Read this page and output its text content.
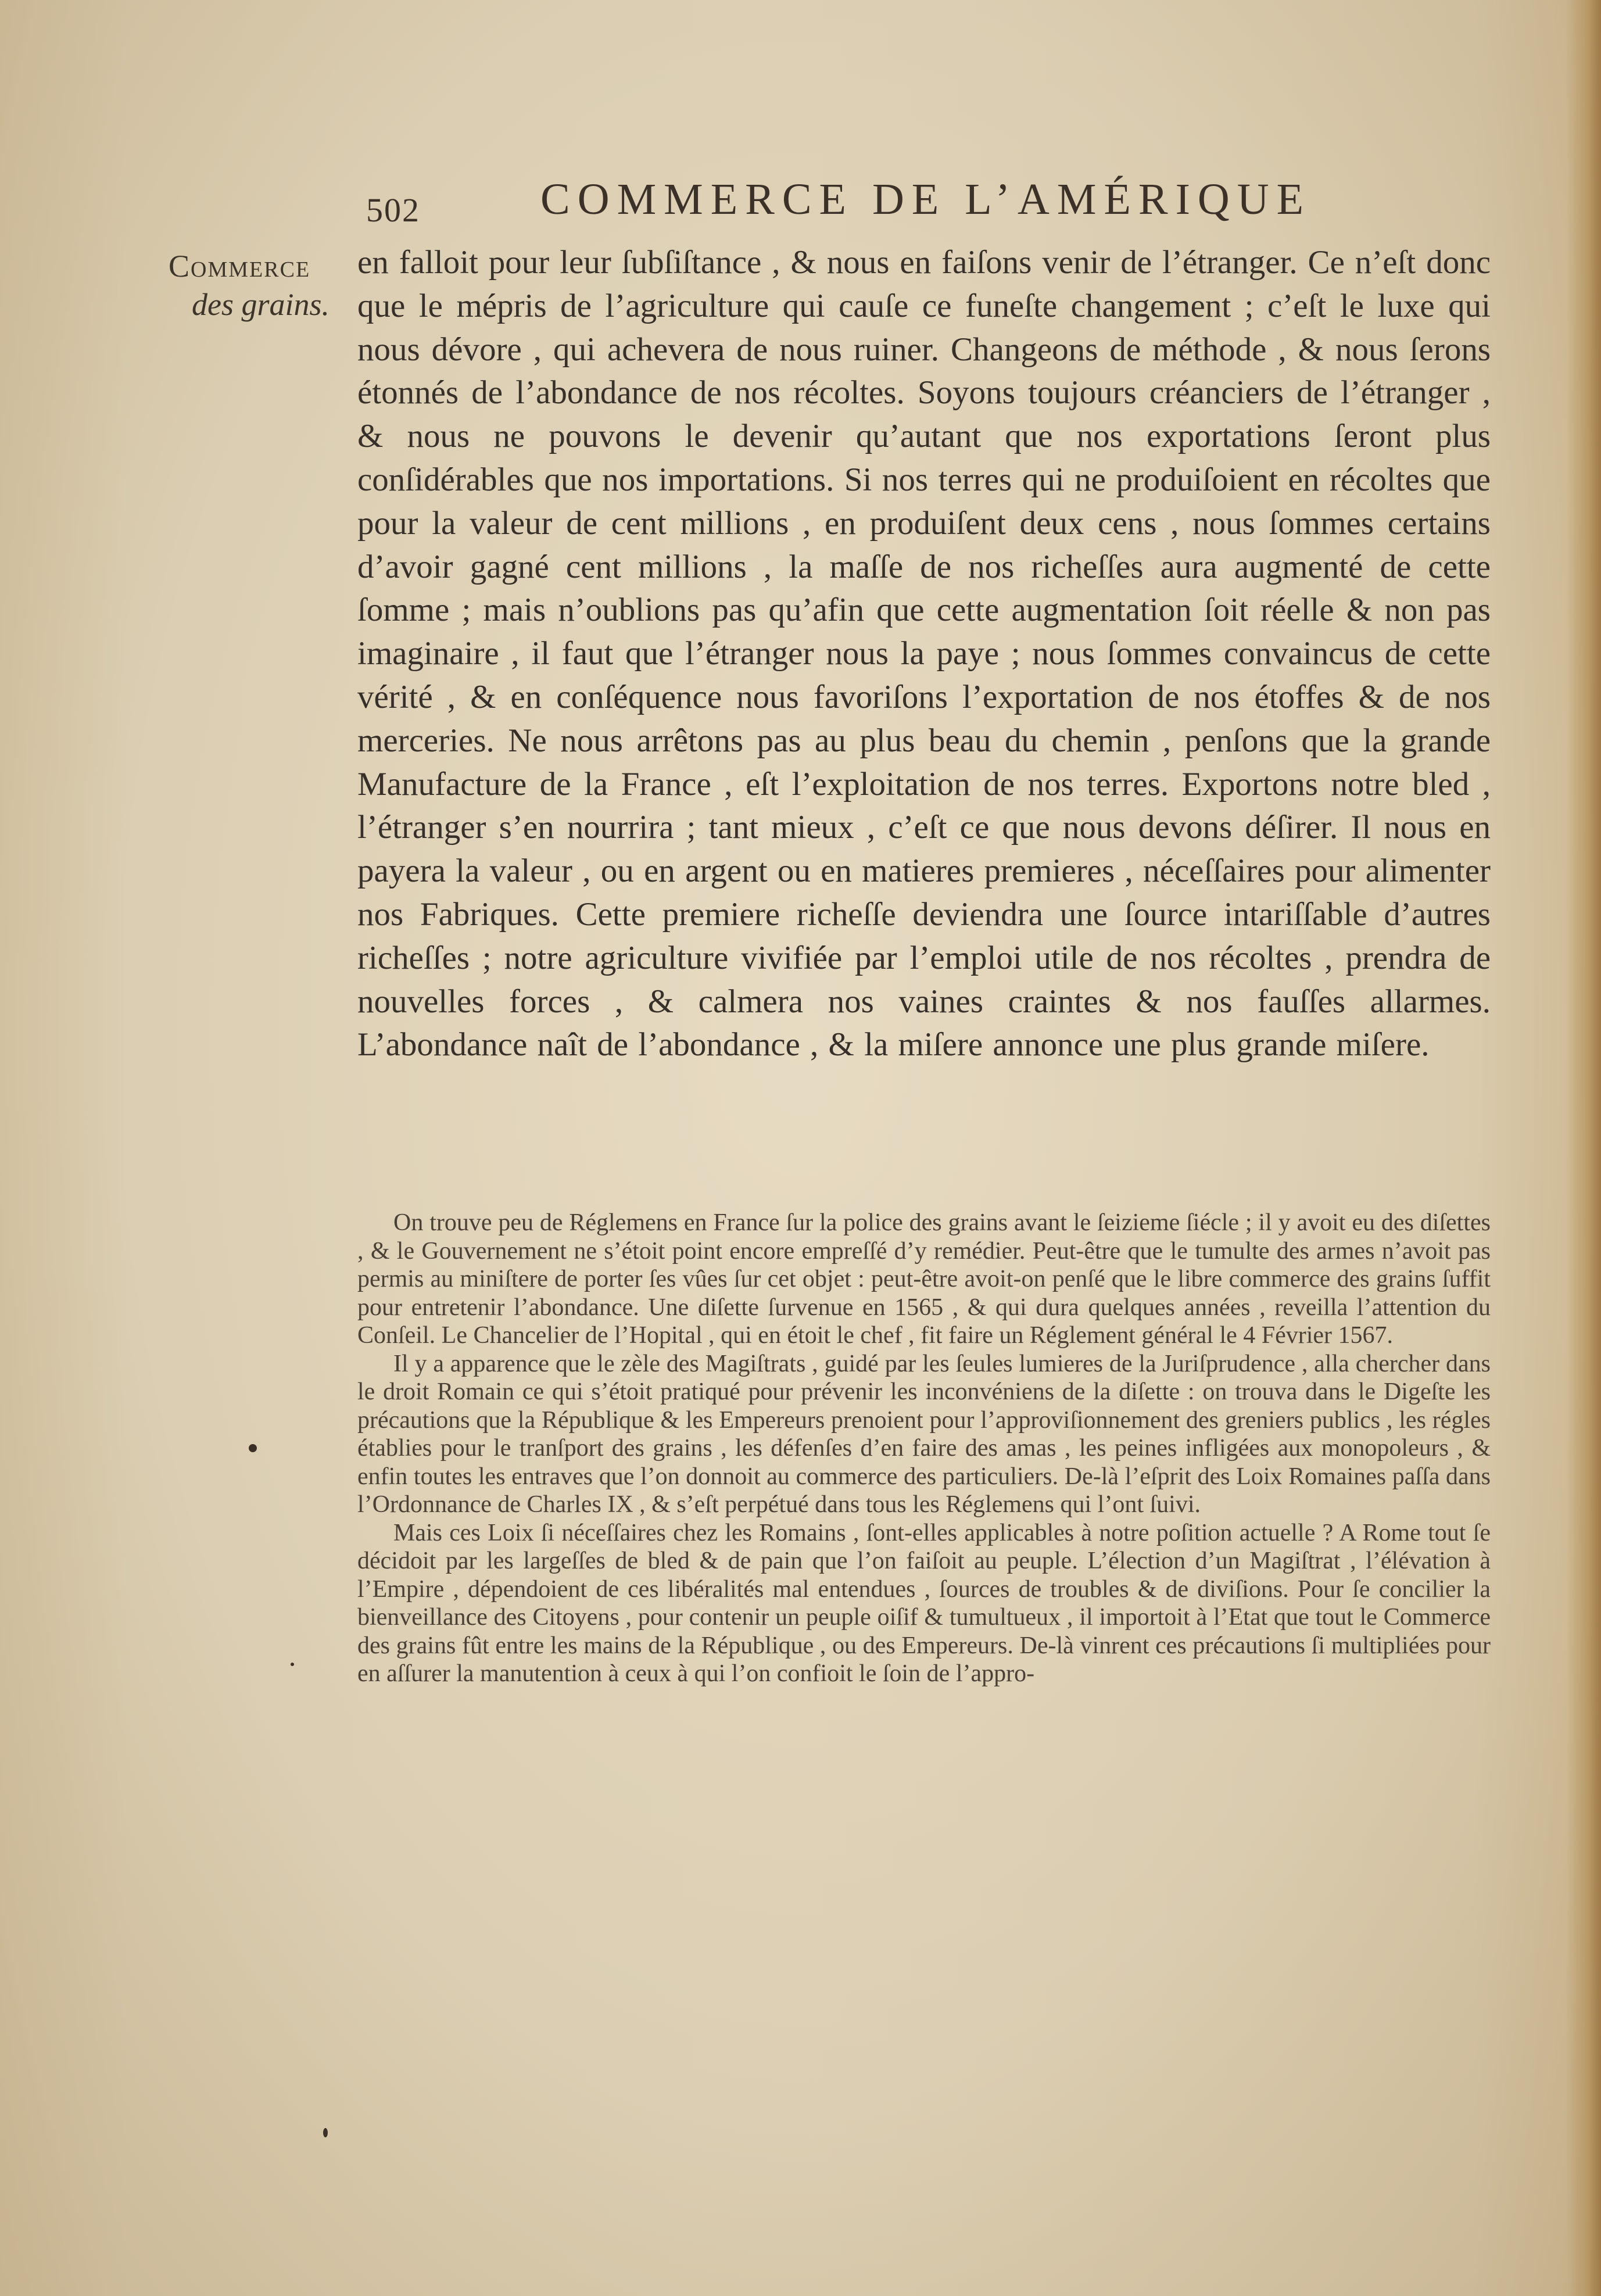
502	COMMERCE DE L’AMÉRIQUE
Commerce
des grains.
en falloit pour leur ſubſiſtance , & nous en faiſons venir de l’étranger. Ce n’eſt donc que le mépris de l’agriculture qui cauſe ce funeſte changement ; c’eſt le luxe qui nous dévore , qui achevera de nous ruiner. Changeons de méthode , & nous ſerons étonnés de l’abondance de nos récoltes. Soyons toujours créanciers de l’étranger , & nous ne pouvons le devenir qu’autant que nos exportations ſeront plus conſidérables que nos importations. Si nos terres qui ne produiſoient en récoltes que pour la valeur de cent millions , en produiſent deux cens , nous ſommes certains d’avoir gagné cent millions , la maſſe de nos richeſſes aura augmenté de cette ſomme ; mais n’oublions pas qu’afin que cette augmentation ſoit réelle & non pas imaginaire , il faut que l’étranger nous la paye ; nous ſommes convaincus de cette vérité , & en conſéquence nous favoriſons l’exportation de nos étoffes & de nos merceries. Ne nous arrêtons pas au plus beau du chemin , penſons que la grande Manufacture de la France , eſt l’exploitation de nos terres. Exportons notre bled , l’étranger s’en nourrira ; tant mieux , c’eſt ce que nous devons déſirer. Il nous en payera la valeur , ou en argent ou en matieres premieres , néceſſaires pour alimenter nos Fabriques. Cette premiere richeſſe deviendra une ſource intariſſable d’autres richeſſes ; notre agriculture vivifiée par l’emploi utile de nos récoltes , prendra de nouvelles forces , & calmera nos vaines craintes & nos fauſſes allarmes. L’abondance naît de l’abondance , & la miſere annonce une plus grande miſere.

On trouve peu de Réglemens en France ſur la police des grains avant le ſeizieme ſiécle ; il y avoit eu des diſettes , & le Gouvernement ne s’étoit point encore empreſſé d’y remédier. Peut-être que le tumulte des armes n’avoit pas permis au miniſtere de porter ſes vûes ſur cet objet : peut-être avoit-on penſé que le libre commerce des grains ſuffit pour entretenir l’abondance. Une diſette ſurvenue en 1565 , & qui dura quelques années , reveilla l’attention du Conſeil. Le Chancelier de l’Hopital , qui en étoit le chef , fit faire un Réglement général le 4 Février 1567.

Il y a apparence que le zèle des Magiſtrats , guidé par les ſeules lumieres de la Juriſprudence , alla chercher dans le droit Romain ce qui s’étoit pratiqué pour prévenir les inconvéniens de la diſette : on trouva dans le Digeſte les précautions que la République & les Empereurs prenoient pour l’approviſionnement des greniers publics , les régles établies pour le tranſport des grains , les défenſes d’en faire des amas , les peines infligées aux monopoleurs , & enfin toutes les entraves que l’on donnoit au commerce des particuliers. De-là l’eſprit des Loix Romaines paſſa dans l’Ordonnance de Charles IX , & s’eſt perpétué dans tous les Réglemens qui l’ont ſuivi.

Mais ces Loix ſi néceſſaires chez les Romains , ſont-elles applicables à notre poſition actuelle ? A Rome tout ſe décidoit par les largeſſes de bled & de pain que l’on faiſoit au peuple. L’élection d’un Magiſtrat , l’élévation à l’Empire , dépendoient de ces libéralités mal entendues , ſources de troubles & de diviſions. Pour ſe concilier la bienveillance des Citoyens , pour contenir un peuple oiſif & tumultueux , il importoit à l’Etat que tout le Commerce des grains fût entre les mains de la République , ou des Empereurs. De-là vinrent ces précautions ſi multipliées pour en aſſurer la manutention à ceux à qui l’on confioit le ſoin de l’appro-
